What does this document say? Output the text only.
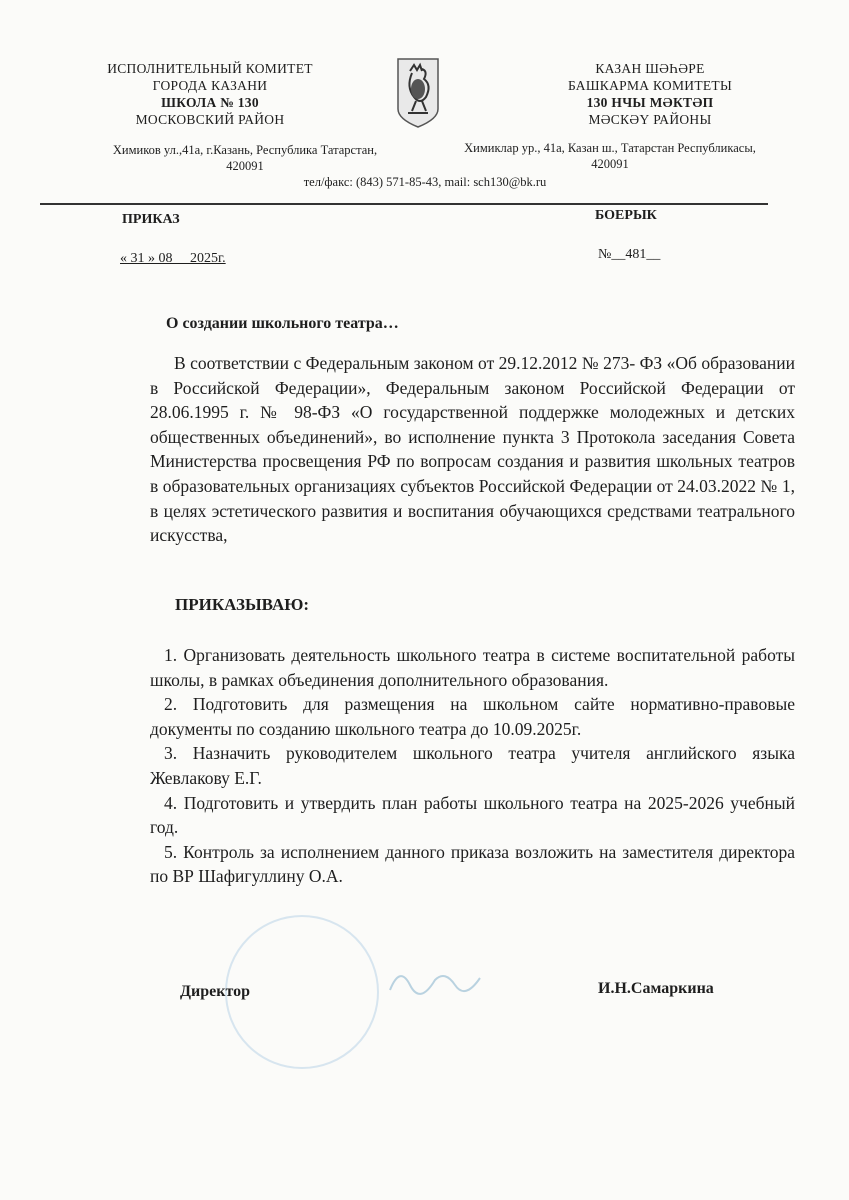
ИСПОЛНИТЕЛЬНЫЙ КОМИТЕТ
ГОРОДА КАЗАНИ
ШКОЛА № 130
МОСКОВСКИЙ РАЙОН
КАЗАН ШӘҺӘРЕ
БАШКАРМА КОМИТЕТЫ
130 НЧЫ МӘКТӘП
МӘСКӘҮ РАЙОНЫ
Химиков ул.,41а, г.Казань, Республика Татарстан,
420091
Химиклар ур., 41а, Казан ш., Татарстан Республикасы,
420091
тел/факс: (843) 571-85-43, mail: sch130@bk.ru
ПРИКАЗ	БОЕРЫК
« 31 » 08     2025г.	№__481__
О создании школьного театра…
В соответствии с Федеральным законом от 29.12.2012 № 273- ФЗ «Об образовании в Российской Федерации», Федеральным законом Российской Федерации от 28.06.1995 г. № 98-ФЗ «О государственной поддержке молодежных и детских общественных объединений», во исполнение пункта 3 Протокола заседания Совета Министерства просвещения РФ по вопросам создания и развития школьных театров в образовательных организациях субъектов Российской Федерации от 24.03.2022 № 1, в целях эстетического развития и воспитания обучающихся средствами театрального искусства,
ПРИКАЗЫВАЮ:

1. Организовать деятельность школьного театра в системе воспитательной работы школы, в рамках объединения дополнительного образования.

2. Подготовить для размещения на школьном сайте нормативно-правовые документы по созданию школьного театра до 10.09.2025г.

3. Назначить руководителем школьного театра учителя английского языка Жевлакову Е.Г.

4. Подготовить и утвердить план работы школьного театра на 2025-2026 учебный год.

5. Контроль за исполнением данного приказа возложить на заместителя директора по ВР Шафигуллину О.А.

Директор	И.Н.Самаркина
